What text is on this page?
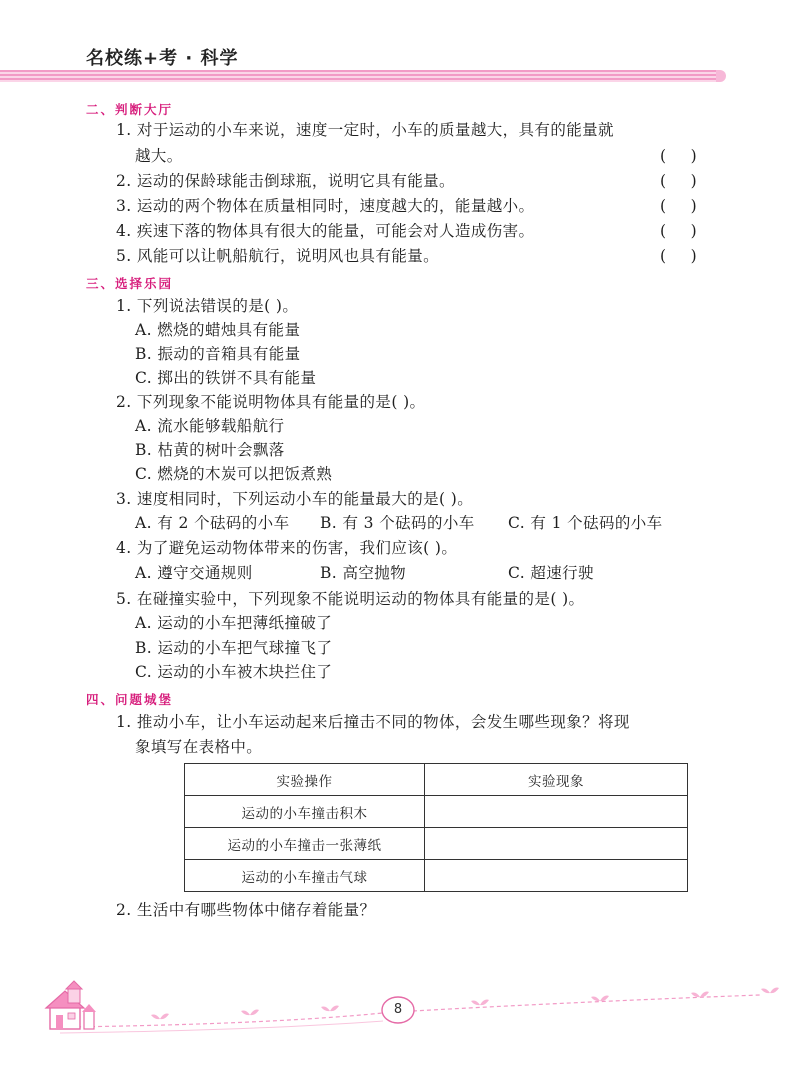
名校练+考 · 科学
二、判断大厅
1. 对于运动的小车来说，速度一定时，小车的质量越大，具有的能量就
越大。	(     )
2. 运动的保龄球能击倒球瓶，说明它具有能量。	(     )
3. 运动的两个物体在质量相同时，速度越大的，能量越小。	(     )
4. 疾速下落的物体具有很大的能量，可能会对人造成伤害。	(     )
5. 风能可以让帆船航行，说明风也具有能量。	(     )
三、选择乐园
1. 下列说法错误的是( )。
A. 燃烧的蜡烛具有能量
B. 振动的音箱具有能量
C. 掷出的铁饼不具有能量
2. 下列现象不能说明物体具有能量的是( )。
A. 流水能够载船航行
B. 枯黄的树叶会飘落
C. 燃烧的木炭可以把饭煮熟
3. 速度相同时，下列运动小车的能量最大的是( )。
A. 有 2 个砝码的小车 B. 有 3 个砝码的小车 C. 有 1 个砝码的小车
4. 为了避免运动物体带来的伤害，我们应该( )。
A. 遵守交通规则	B. 高空抛物	C. 超速行驶
5. 在碰撞实验中，下列现象不能说明运动的物体具有能量的是( )。
A. 运动的小车把薄纸撞破了
B. 运动的小车把气球撞飞了
C. 运动的小车被木块拦住了
四、问题城堡
1. 推动小车，让小车运动起来后撞击不同的物体，会发生哪些现象？将现
象填写在表格中。
实验操作	实验现象
运动的小车撞击积木	
运动的小车撞击一张薄纸	
运动的小车撞击气球	
2. 生活中有哪些物体中储存着能量？
8
